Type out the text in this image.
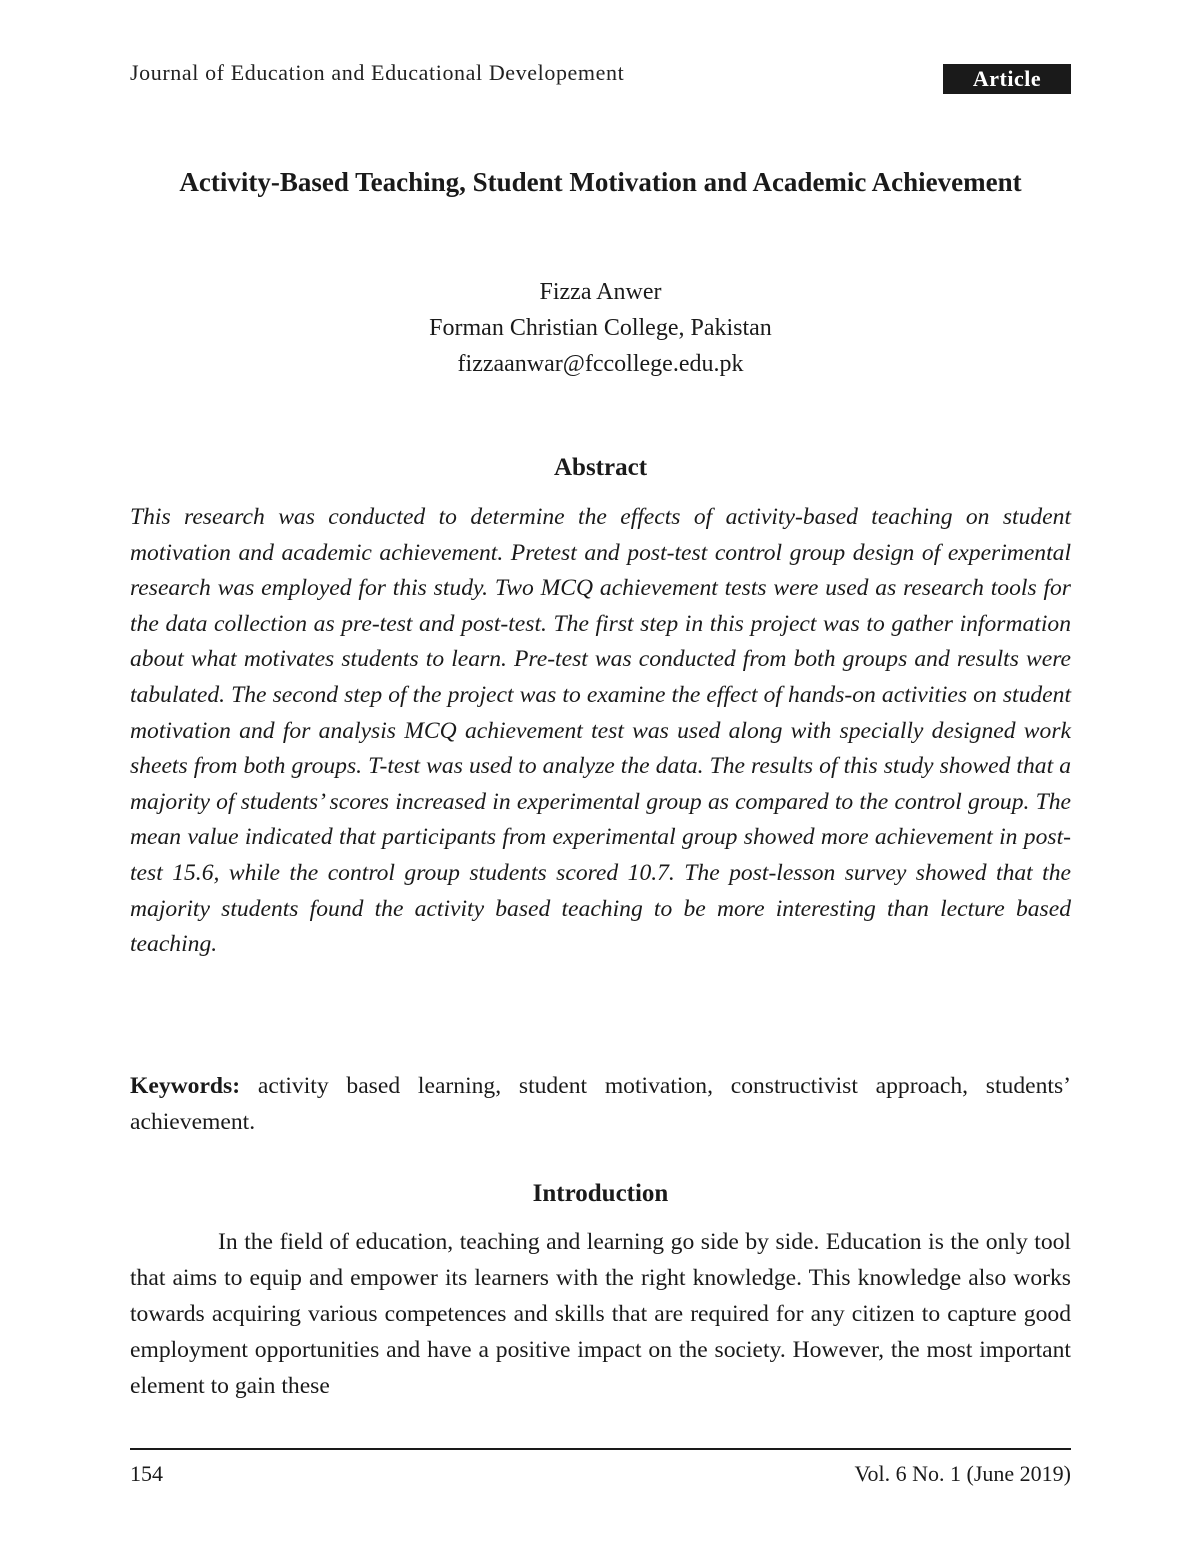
Journal of Education and Educational Developement	Article
Activity-Based Teaching, Student Motivation and Academic Achievement
Fizza Anwer
Forman Christian College, Pakistan
fizzaanwar@fccollege.edu.pk
Abstract

This research was conducted to determine the effects of activity-based teaching on student motivation and academic achievement. Pretest and post-test control group design of experimental research was employed for this study. Two MCQ achievement tests were used as research tools for the data collection as pre-test and post-test. The first step in this project was to gather information about what motivates students to learn. Pre-test was conducted from both groups and results were tabulated. The second step of the project was to examine the effect of hands-on activities on student motivation and for analysis MCQ achievement test was used along with specially designed work sheets from both groups. T-test was used to analyze the data. The results of this study showed that a majority of students’ scores increased in experimental group as compared to the control group. The mean value indicated that participants from experimental group showed more achievement in post-test 15.6, while the control group students scored 10.7. The post-lesson survey showed that the majority students found the activity based teaching to be more interesting than lecture based teaching.

Keywords: activity based learning, student motivation, constructivist approach, students’ achievement.

Introduction

In the field of education, teaching and learning go side by side. Education is the only tool that aims to equip and empower its learners with the right knowledge. This knowledge also works towards acquiring various competences and skills that are required for any citizen to capture good employment opportunities and have a positive impact on the society. However, the most important element to gain these

154	Vol. 6 No. 1 (June 2019)
